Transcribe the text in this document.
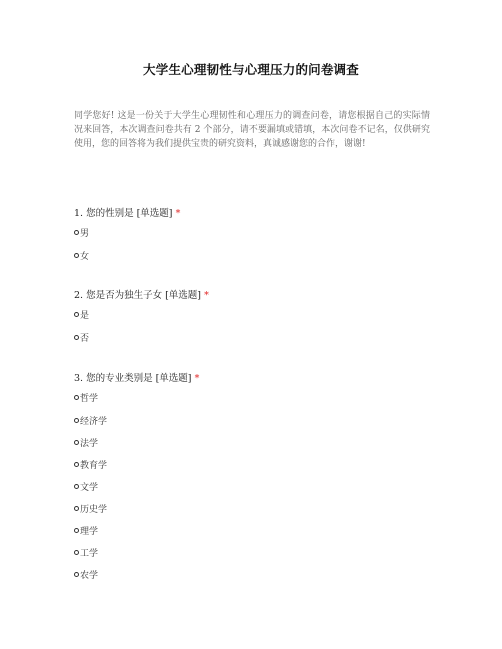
大学生心理韧性与心理压力的问卷调查
同学您好! 这是一份关于大学生心理韧性和心理压力的调查问卷，请您根据自己的实际情况来回答，本次调查问卷共有 2 个部分，请不要漏填或错填，本次问卷不记名，仅供研究使用，您的回答将为我们提供宝贵的研究资料，真诚感谢您的合作，谢谢!
1. 您的性别是 [单选题] *
男
女
2. 您是否为独生子女 [单选题] *
是
否
3. 您的专业类别是 [单选题] *
哲学
经济学
法学
教育学
文学
历史学
理学
工学
农学
